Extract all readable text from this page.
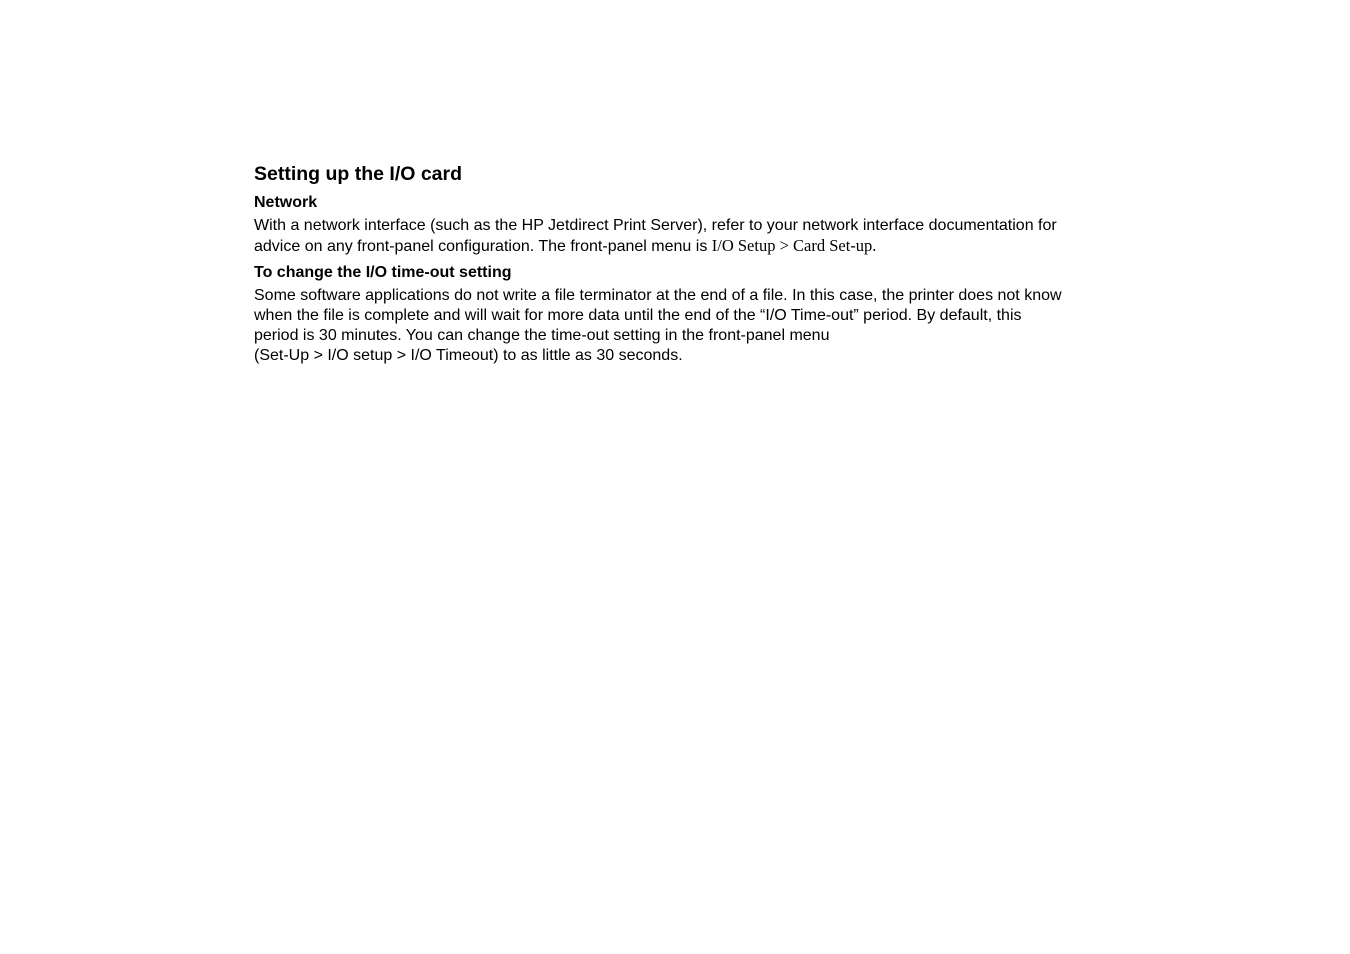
Setting up the I/O card
Network
With a network interface (such as the HP Jetdirect Print Server), refer to your network interface documentation for
advice on any front-panel configuration. The front-panel menu is I/O Setup > Card Set-up.
To change the I/O time-out setting
Some software applications do not write a file terminator at the end of a file. In this case, the printer does not know
when the file is complete and will wait for more data until the end of the “I/O Time-out” period. By default, this
period is 30 minutes. You can change the time-out setting in the front-panel menu
(Set-Up > I/O setup > I/O Timeout) to as little as 30 seconds.
